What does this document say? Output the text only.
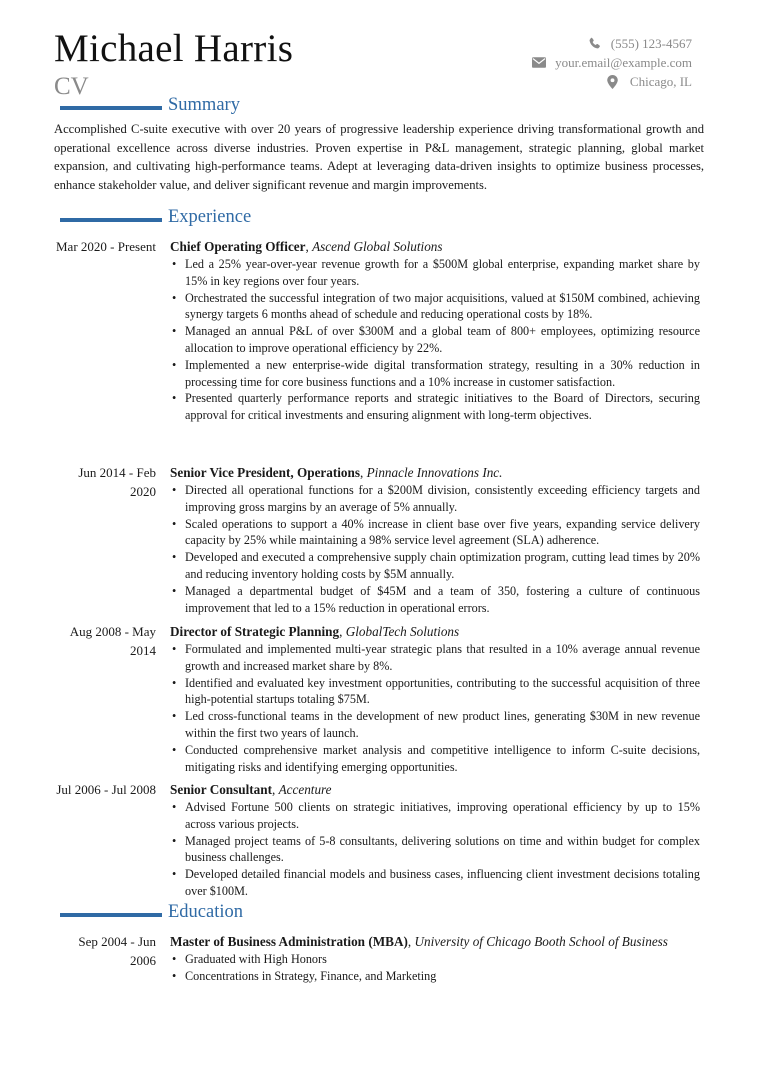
Michael Harris
CV
(555) 123-4567
your.email@example.com
Chicago, IL
Summary
Accomplished C-suite executive with over 20 years of progressive leadership experience driving transformational growth and operational excellence across diverse industries. Proven expertise in P&L management, strategic planning, global market expansion, and cultivating high-performance teams. Adept at leveraging data-driven insights to optimize business processes, enhance stakeholder value, and deliver significant revenue and margin improvements.
Experience
Mar 2020 - Present Chief Operating Officer, Ascend Global Solutions
• Led a 25% year-over-year revenue growth for a $500M global enterprise, expanding market share by 15% in key regions over four years.
• Orchestrated the successful integration of two major acquisitions, valued at $150M combined, achieving synergy targets 6 months ahead of schedule and reducing operational costs by 18%.
• Managed an annual P&L of over $300M and a global team of 800+ employees, optimizing resource allocation to improve operational efficiency by 22%.
• Implemented a new enterprise-wide digital transformation strategy, resulting in a 30% reduction in processing time for core business functions and a 10% increase in customer satisfaction.
• Presented quarterly performance reports and strategic initiatives to the Board of Directors, securing approval for critical investments and ensuring alignment with long-term objectives.
Jun 2014 - Feb 2020
Senior Vice President, Operations, Pinnacle Innovations Inc.
• Directed all operational functions for a $200M division, consistently exceeding efficiency targets and improving gross margins by an average of 5% annually.
• Scaled operations to support a 40% increase in client base over five years, expanding service delivery capacity by 25% while maintaining a 98% service level agreement (SLA) adherence.
• Developed and executed a comprehensive supply chain optimization program, cutting lead times by 20% and reducing inventory holding costs by $5M annually.
• Managed a departmental budget of $45M and a team of 350, fostering a culture of continuous improvement that led to a 15% reduction in operational errors.
Aug 2008 - May 2014
Director of Strategic Planning, GlobalTech Solutions
• Formulated and implemented multi-year strategic plans that resulted in a 10% average annual revenue growth and increased market share by 8%.
• Identified and evaluated key investment opportunities, contributing to the successful acquisition of three high-potential startups totaling $75M.
• Led cross-functional teams in the development of new product lines, generating $30M in new revenue within the first two years of launch.
• Conducted comprehensive market analysis and competitive intelligence to inform C-suite decisions, mitigating risks and identifying emerging opportunities.
Jul 2006 - Jul 2008 Senior Consultant, Accenture
• Advised Fortune 500 clients on strategic initiatives, improving operational efficiency by up to 15% across various projects.
• Managed project teams of 5-8 consultants, delivering solutions on time and within budget for complex business challenges.
• Developed detailed financial models and business cases, influencing client investment decisions totaling over $100M.
Education
Sep 2004 - Jun 2006
Master of Business Administration (MBA), University of Chicago Booth School of Business
• Graduated with High Honors
• Concentrations in Strategy, Finance, and Marketing
